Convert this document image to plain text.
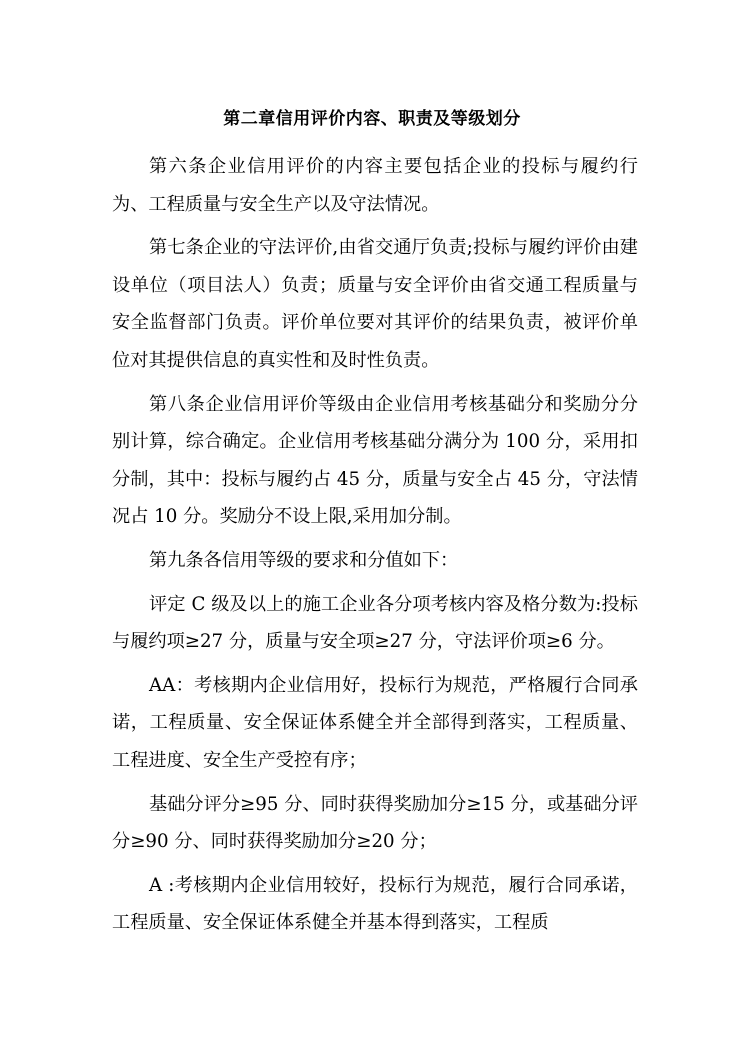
第二章信用评价内容、职责及等级划分

第六条企业信用评价的内容主要包括企业的投标与履约行为、工程质量与安全生产以及守法情况。

第七条企业的守法评价,由省交通厅负责;投标与履约评价由建设单位（项目法人）负责；质量与安全评价由省交通工程质量与安全监督部门负责。评价单位要对其评价的结果负责，被评价单位对其提供信息的真实性和及时性负责。

第八条企业信用评价等级由企业信用考核基础分和奖励分分别计算，综合确定。企业信用考核基础分满分为 100 分，采用扣分制，其中：投标与履约占 45 分，质量与安全占 45 分，守法情况占 10 分。奖励分不设上限,采用加分制。

第九条各信用等级的要求和分值如下：

评定 C 级及以上的施工企业各分项考核内容及格分数为:投标与履约项≥27 分，质量与安全项≥27 分，守法评价项≥6 分。

AA：考核期内企业信用好，投标行为规范，严格履行合同承诺，工程质量、安全保证体系健全并全部得到落实，工程质量、工程进度、安全生产受控有序；

基础分评分≥95 分、同时获得奖励加分≥15 分，或基础分评分≥90 分、同时获得奖励加分≥20 分；

A :考核期内企业信用较好，投标行为规范，履行合同承诺，工程质量、安全保证体系健全并基本得到落实，工程质
